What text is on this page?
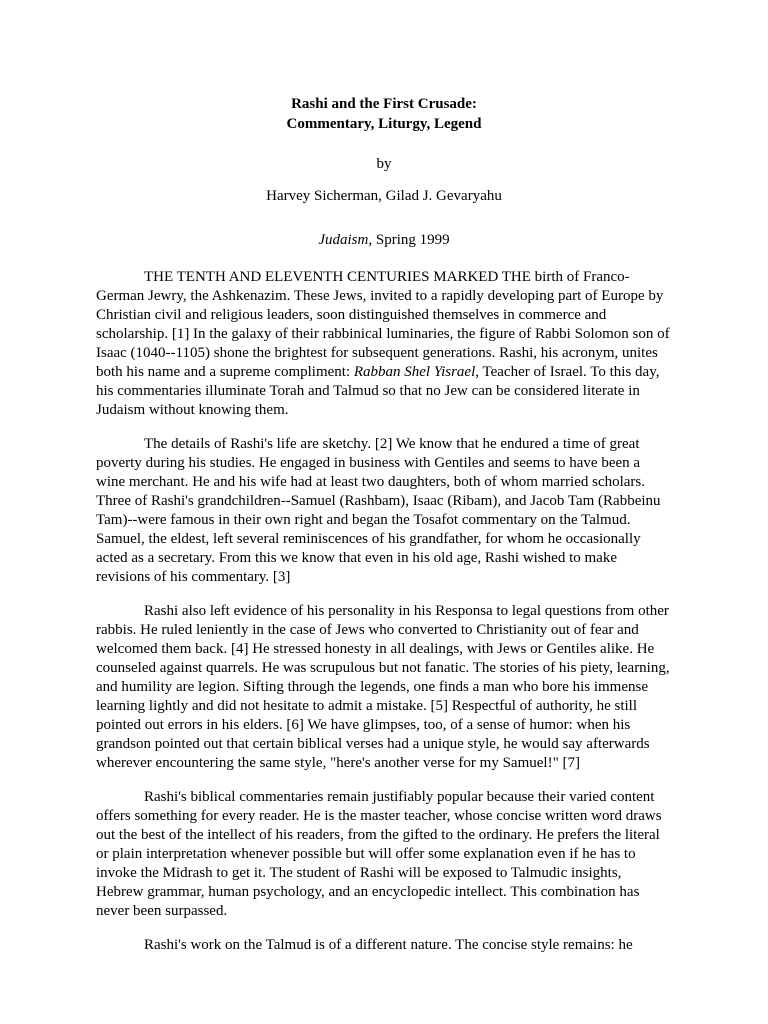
Rashi and the First Crusade:

Commentary, Liturgy, Legend

by

Harvey Sicherman, Gilad J. Gevaryahu

Judaism, Spring 1999

THE TENTH AND ELEVENTH CENTURIES MARKED THE birth of Franco-German Jewry, the Ashkenazim. These Jews, invited to a rapidly developing part of Europe by Christian civil and religious leaders, soon distinguished themselves in commerce and scholarship. [1] In the galaxy of their rabbinical luminaries, the figure of Rabbi Solomon son of Isaac (1040--1105) shone the brightest for subsequent generations. Rashi, his acronym, unites both his name and a supreme compliment: Rabban Shel Yisrael, Teacher of Israel. To this day, his commentaries illuminate Torah and Talmud so that no Jew can be considered literate in Judaism without knowing them.

The details of Rashi's life are sketchy. [2] We know that he endured a time of great poverty during his studies. He engaged in business with Gentiles and seems to have been a wine merchant. He and his wife had at least two daughters, both of whom married scholars. Three of Rashi's grandchildren--Samuel (Rashbam), Isaac (Ribam), and Jacob Tam (Rabbeinu Tam)--were famous in their own right and began the Tosafot commentary on the Talmud. Samuel, the eldest, left several reminiscences of his grandfather, for whom he occasionally acted as a secretary. From this we know that even in his old age, Rashi wished to make revisions of his commentary. [3]

Rashi also left evidence of his personality in his Responsa to legal questions from other rabbis. He ruled leniently in the case of Jews who converted to Christianity out of fear and welcomed them back. [4] He stressed honesty in all dealings, with Jews or Gentiles alike. He counseled against quarrels. He was scrupulous but not fanatic. The stories of his piety, learning, and humility are legion. Sifting through the legends, one finds a man who bore his immense learning lightly and did not hesitate to admit a mistake. [5] Respectful of authority, he still pointed out errors in his elders. [6] We have glimpses, too, of a sense of humor: when his grandson pointed out that certain biblical verses had a unique style, he would say afterwards wherever encountering the same style, "here's another verse for my Samuel!" [7]

Rashi's biblical commentaries remain justifiably popular because their varied content offers something for every reader. He is the master teacher, whose concise written word draws out the best of the intellect of his readers, from the gifted to the ordinary. He prefers the literal or plain interpretation whenever possible but will offer some explanation even if he has to invoke the Midrash to get it. The student of Rashi will be exposed to Talmudic insights, Hebrew grammar, human psychology, and an encyclopedic intellect. This combination has never been surpassed.

Rashi's work on the Talmud is of a different nature. The concise style remains: he
